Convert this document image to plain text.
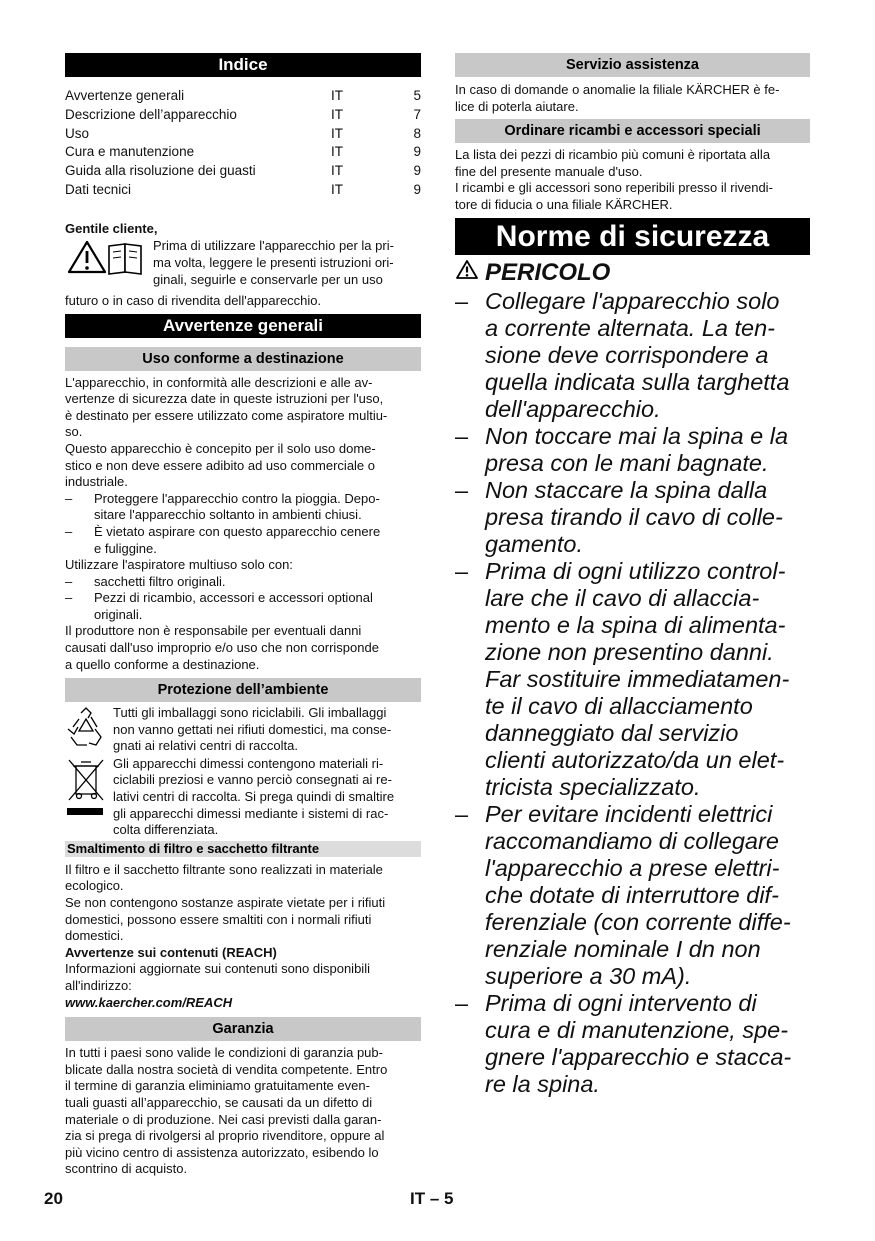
Indice
Avvertenze generali	IT	5
Descrizione dell’apparecchio	IT	7
Uso	IT	8
Cura e manutenzione	IT	9
Guida alla risoluzione dei guasti	IT	9
Dati tecnici	IT	9
Gentile cliente,

Prima di utilizzare l'apparecchio per la pri-

ma volta, leggere le presenti istruzioni ori-

ginali, seguirle e conservarle per un uso

futuro o in caso di rivendita dell'apparecchio.

Avvertenze generali
Uso conforme a destinazione

L'apparecchio, in conformità alle descrizioni e alle av-

vertenze di sicurezza date in queste istruzioni per l'uso,

è destinato per essere utilizzato come aspiratore multiu-

so.

Questo apparecchio è concepito per il solo uso dome-

stico e non deve essere adibito ad uso commerciale o

industriale.

–	Proteggere l'apparecchio contro la pioggia. Depo-

sitare l'apparecchio soltanto in ambienti chiusi.

–	È vietato aspirare con questo apparecchio cenere

e fuliggine.

Utilizzare l'aspiratore multiuso solo con:

–	sacchetti filtro originali.

–	Pezzi di ricambio, accessori e accessori optional

originali.

Il produttore non è responsabile per eventuali danni

causati dall'uso improprio e/o uso che non corrisponde

a quello conforme a destinazione.

Protezione dell’ambiente

Tutti gli imballaggi sono riciclabili. Gli imballaggi

non vanno gettati nei rifiuti domestici, ma conse-

gnati ai relativi centri di raccolta.

Gli apparecchi dimessi contengono materiali ri-

ciclabili preziosi e vanno perciò consegnati ai re-

lativi centri di raccolta. Si prega quindi di smaltire

gli apparecchi dimessi mediante i sistemi di rac-

colta differenziata.

Smaltimento di filtro e sacchetto filtrante

Il filtro e il sacchetto filtrante sono realizzati in materiale

ecologico.

Se non contengono sostanze aspirate vietate per i rifiuti

domestici, possono essere smaltiti con i normali rifiuti

domestici.

Avvertenze sui contenuti (REACH)

Informazioni aggiornate sui contenuti sono disponibili

all'indirizzo:

www.kaercher.com/REACH

Garanzia

In tutti i paesi sono valide le condizioni di garanzia pub-

blicate dalla nostra società di vendita competente. Entro

il termine di garanzia eliminiamo gratuitamente even-

tuali guasti all’apparecchio, se causati da un difetto di

materiale o di produzione. Nei casi previsti dalla garan-

zia si prega di rivolgersi al proprio rivenditore, oppure al

più vicino centro di assistenza autorizzato, esibendo lo

scontrino di acquisto.

Servizio assistenza

In caso di domande o anomalie la filiale KÄRCHER è fe-

lice di poterla aiutare.

Ordinare ricambi e accessori speciali

La lista dei pezzi di ricambio più comuni è riportata alla

fine del presente manuale d'uso.

I ricambi e gli accessori sono reperibili presso il rivendi-

tore di fiducia o una filiale KÄRCHER.

Norme di sicurezza
PERICOLO
– Collegare l'apparecchio solo
a corrente alternata. La ten-
sione deve corrispondere a
quella indicata sulla targhetta
dell'apparecchio.
– Non toccare mai la spina e la
presa con le mani bagnate.
– Non staccare la spina dalla
presa tirando il cavo di colle-
gamento.
– Prima di ogni utilizzo control-
lare che il cavo di allaccia-
mento e la spina di alimenta-
zione non presentino danni.
Far sostituire immediatamen-
te il cavo di allacciamento
danneggiato dal servizio
clienti autorizzato/da un elet-
tricista specializzato.
– Per evitare incidenti elettrici
raccomandiamo di collegare
l'apparecchio a prese elettri-
che dotate di interruttore dif-
ferenziale (con corrente diffe-
renziale nominale I dn non
superiore a 30 mA).
– Prima di ogni intervento di
cura e di manutenzione, spe-
gnere l'apparecchio e stacca-
re la spina.
20	IT – 5
